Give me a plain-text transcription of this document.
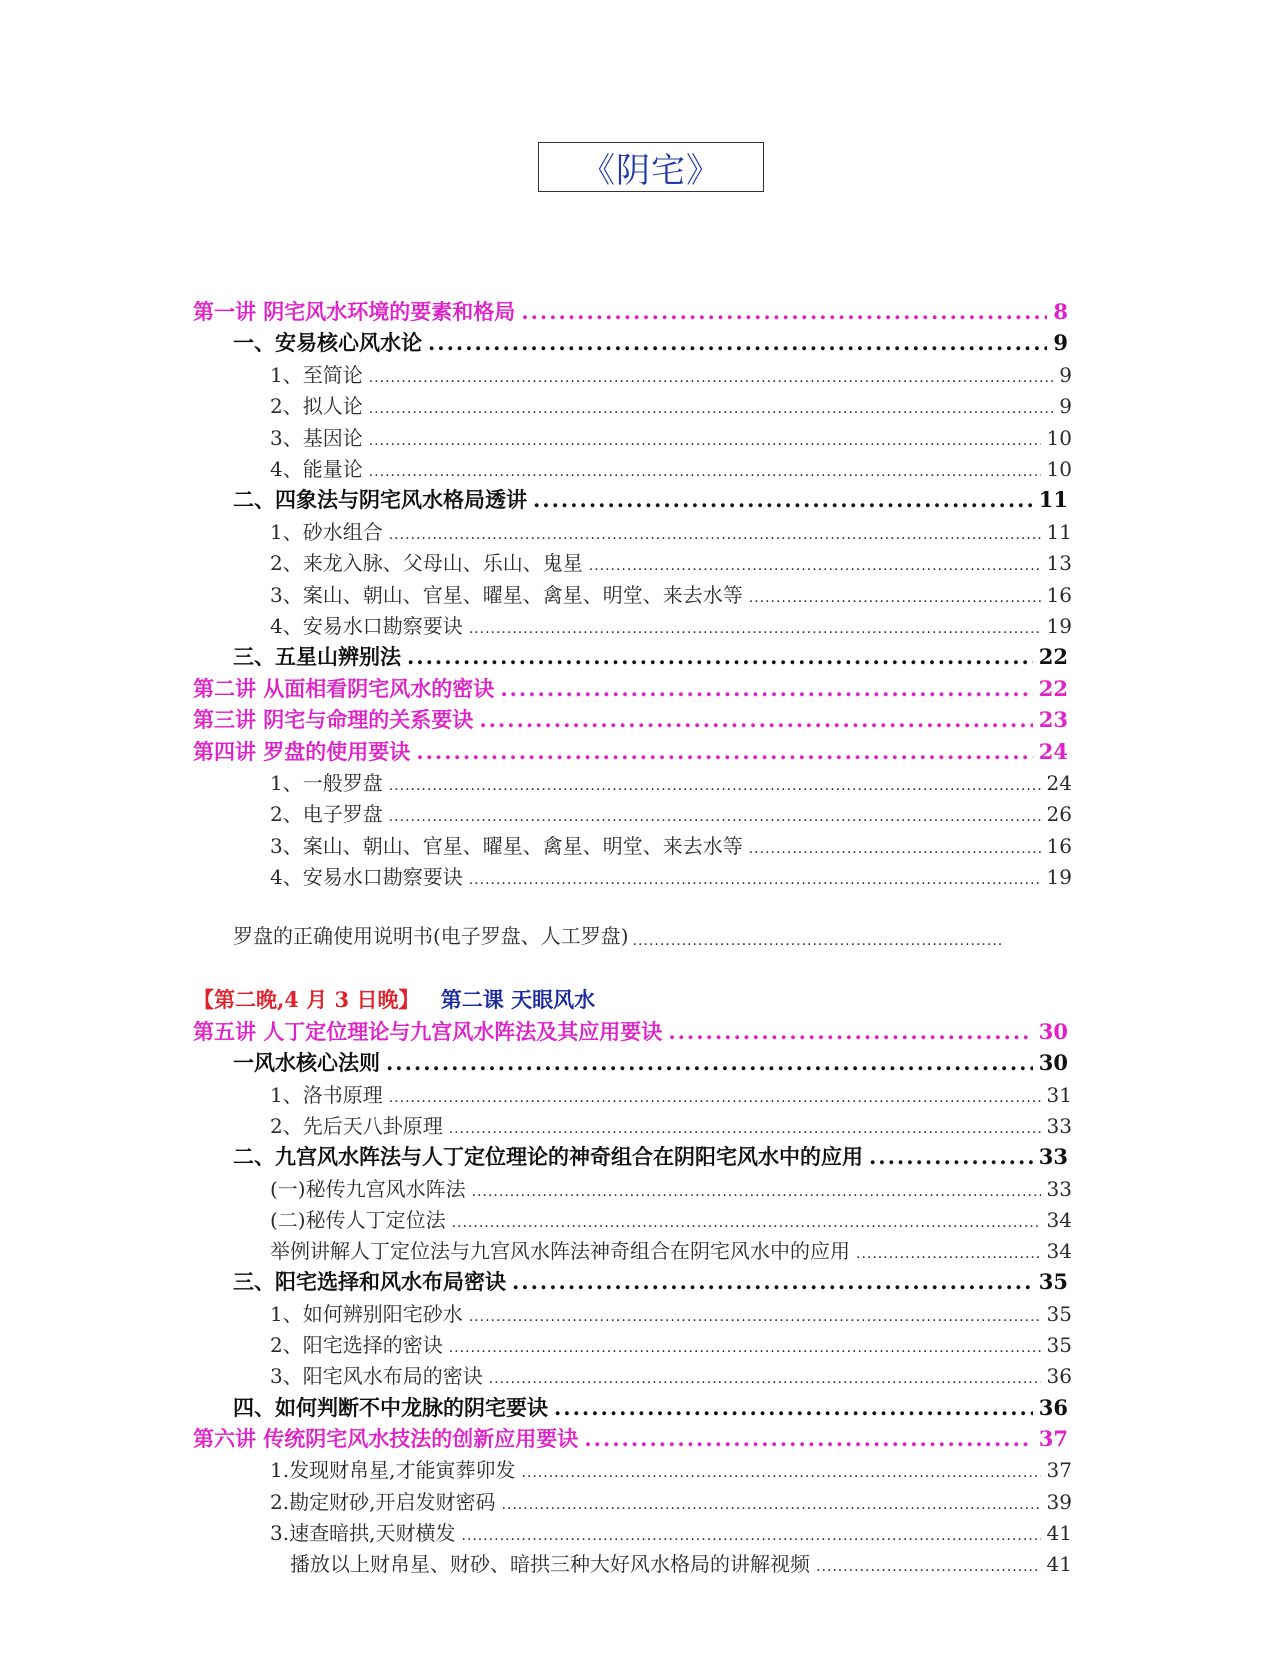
《阴宅》
第一讲 阴宅风水环境的要素和格局 .....	8
一、安易核心风水论 .....	9
1、至简论 .....	9
2、拟人论 .....	9
3、基因论 .....	10
4、能量论 .....	10
二、四象法与阴宅风水格局透讲 .....	11
1、砂水组合 .....	11
2、来龙入脉、父母山、乐山、鬼星 .....	13
3、案山、朝山、官星、曜星、禽星、明堂、来去水等 .....	16
4、安易水口勘察要诀 .....	19
三、五星山辨别法 .....	22
第二讲 从面相看阴宅风水的密诀 .....	22
第三讲 阴宅与命理的关系要诀 .....	23
第四讲 罗盘的使用要诀 .....	24
1、一般罗盘 .....	24
2、电子罗盘 .....	26
3、案山、朝山、官星、曜星、禽星、明堂、来去水等 .....	16
4、安易水口勘察要诀 .....	19
罗盘的正确使用说明书(电子罗盘、人工罗盘)
.....
【第二晚,4 月 3 日晚】 第二课 天眼风水
第五讲 人丁定位理论与九宫风水阵法及其应用要诀 .....	30
一风水核心法则 .....	30
1、洛书原理 .....	31
2、先后天八卦原理 .....	33
二、九宫风水阵法与人丁定位理论的神奇组合在阴阳宅风水中的应用 .....	33
(一)秘传九宫风水阵法 .....	33
(二)秘传人丁定位法 .....	34
举例讲解人丁定位法与九宫风水阵法神奇组合在阴宅风水中的应用 .....	34
三、阳宅选择和风水布局密诀 .....	35
1、如何辨别阳宅砂水 .....	35
2、阳宅选择的密诀 .....	35
3、阳宅风水布局的密诀 .....	36
四、如何判断不中龙脉的阴宅要诀 .....	36
第六讲 传统阴宅风水技法的创新应用要诀 .....	37
1.发现财帛星,才能寅葬卯发 .....	37
2.勘定财砂,开启发财密码 .....	39
3.速查暗拱,天财横发 .....	41
播放以上财帛星、财砂、暗拱三种大好风水格局的讲解视频 .....	41
